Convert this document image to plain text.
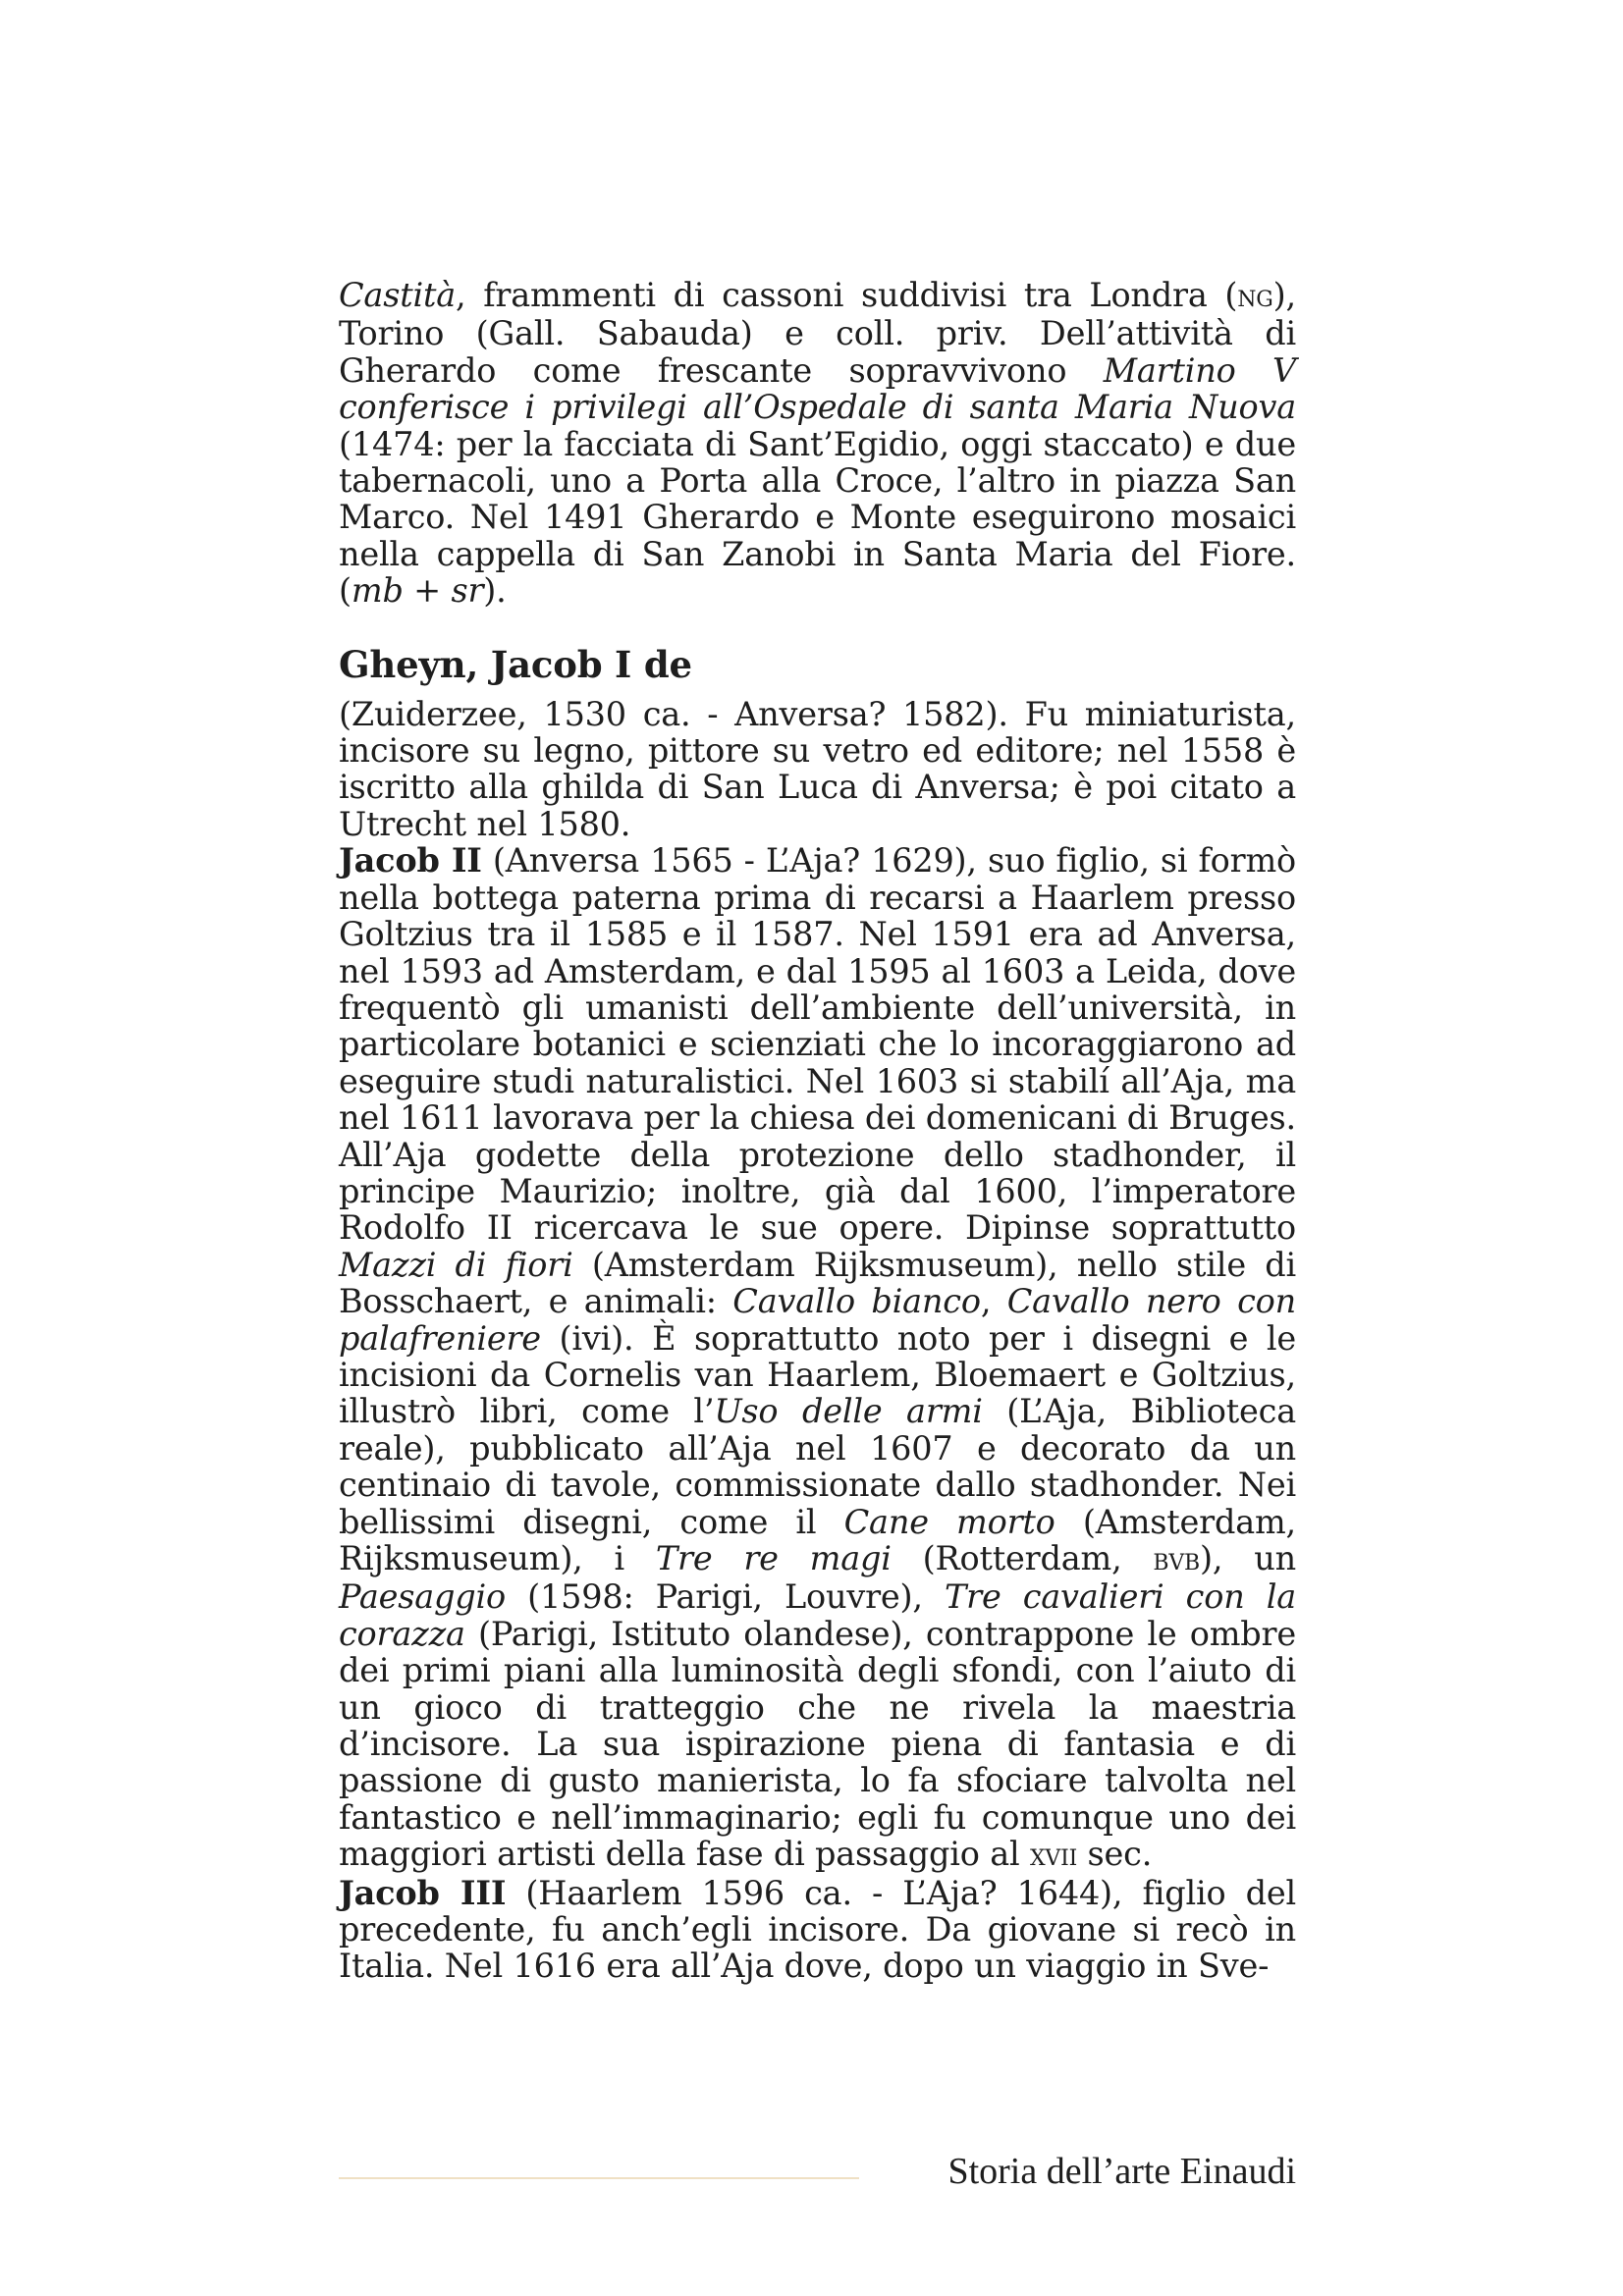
Castità, frammenti di cassoni suddivisi tra Londra (ng), Torino (Gall. Sabauda) e coll. priv. Dell’attività di Gherardo come frescante sopravvivono Martino V conferisce i privilegi all’Ospedale di santa Maria Nuova (1474: per la facciata di Sant’Egidio, oggi staccato) e due tabernacoli, uno a Porta alla Croce, l’altro in piazza San Marco. Nel 1491 Gherardo e Monte eseguirono mosaici nella cappella di San Zanobi in Santa Maria del Fiore. (mb + sr).

Gheyn, Jacob I de

(Zuiderzee, 1530 ca. - Anversa? 1582). Fu miniaturista, incisore su legno, pittore su vetro ed editore; nel 1558 è iscritto alla ghilda di San Luca di Anversa; è poi citato a Utrecht nel 1580.

Jacob II (Anversa 1565 - L’Aja? 1629), suo figlio, si formò nella bottega paterna prima di recarsi a Haarlem presso Goltzius tra il 1585 e il 1587. Nel 1591 era ad Anversa, nel 1593 ad Amsterdam, e dal 1595 al 1603 a Leida, dove frequentò gli umanisti dell’ambiente dell’università, in particolare botanici e scienziati che lo incoraggiarono ad eseguire studi naturalistici. Nel 1603 si stabilí all’Aja, ma nel 1611 lavorava per la chiesa dei domenicani di Bruges. All’Aja godette della protezione dello stadhonder, il principe Maurizio; inoltre, già dal 1600, l’imperatore Rodolfo II ricercava le sue opere. Dipinse soprattutto Mazzi di fiori (Amsterdam Rijksmuseum), nello stile di Bosschaert, e animali: Cavallo bianco, Cavallo nero con palafreniere (ivi). È soprattutto noto per i disegni e le incisioni da Cornelis van Haarlem, Bloemaert e Goltzius, illustrò libri, come l’Uso delle armi (L’Aja, Biblioteca reale), pubblicato all’Aja nel 1607 e decorato da un centinaio di tavole, commissionate dallo stadhonder. Nei bellissimi disegni, come il Cane morto (Amsterdam, Rijksmuseum), i Tre re magi (Rotterdam, bvb), un Paesaggio (1598: Parigi, Louvre), Tre cavalieri con la corazza (Parigi, Istituto olandese), contrappone le ombre dei primi piani alla luminosità degli sfondi, con l’aiuto di un gioco di tratteggio che ne rivela la maestria d’incisore. La sua ispirazione piena di fantasia e di passione di gusto manierista, lo fa sfociare talvolta nel fantastico e nell’immaginario; egli fu comunque uno dei maggiori artisti della fase di passaggio al xvii sec.

Jacob III (Haarlem 1596 ca. - L’Aja? 1644), figlio del precedente, fu anch’egli incisore. Da giovane si recò in Italia. Nel 1616 era all’Aja dove, dopo un viaggio in Sve-

Storia dell’arte Einaudi
